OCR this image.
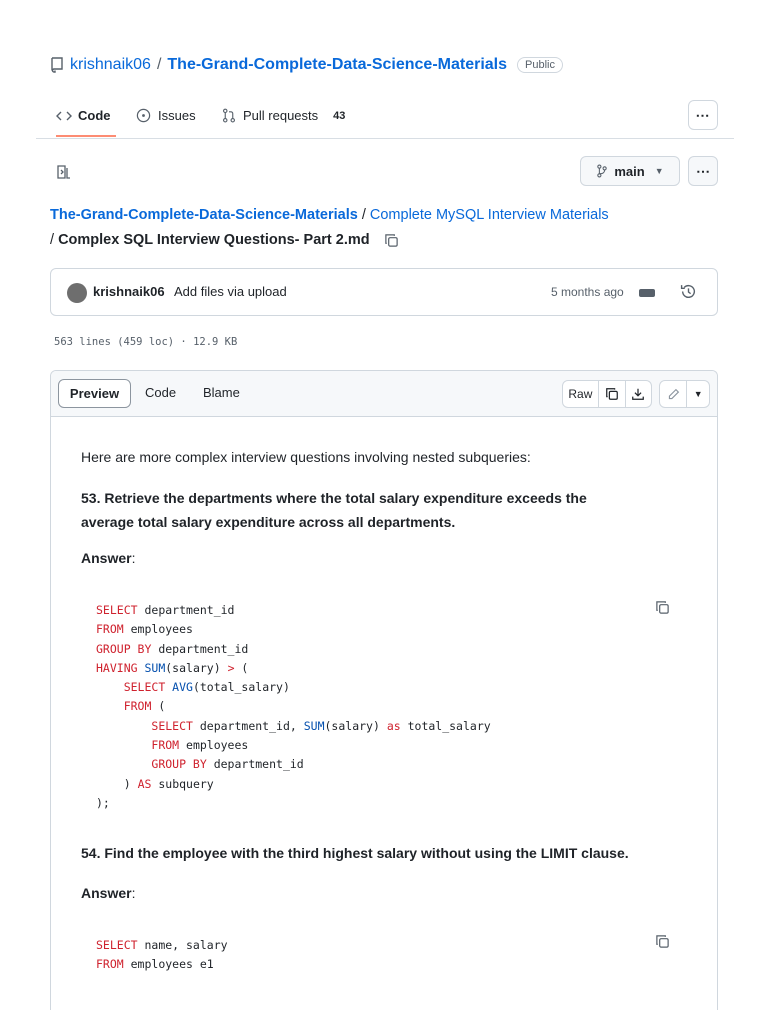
krishnaik06 / The-Grand-Complete-Data-Science-Materials	Public
Code	Issues	Pull requests 43	⋯
main ▼ ⋯
The-Grand-Complete-Data-Science-Materials / Complete MySQL Interview Materials
/ Complex SQL Interview Questions- Part 2.md
krishnaik06 Add files via upload	5 months ago
563 lines (459 loc) · 12.9 KB
Preview	Code Blame	Raw	▼
Here are more complex interview questions involving nested subqueries:
53. Retrieve the departments where the total salary expenditure exceeds the
average total salary expenditure across all departments.
Answer:
SELECT department_id
FROM employees
GROUP BY department_id
HAVING SUM(salary) > (
SELECT AVG(total_salary)
FROM (
SELECT department_id, SUM(salary) as total_salary
FROM employees
GROUP BY department_id
) AS subquery
);
54. Find the employee with the third highest salary without using the LIMIT clause.
Answer:
SELECT name, salary
FROM employees e1
